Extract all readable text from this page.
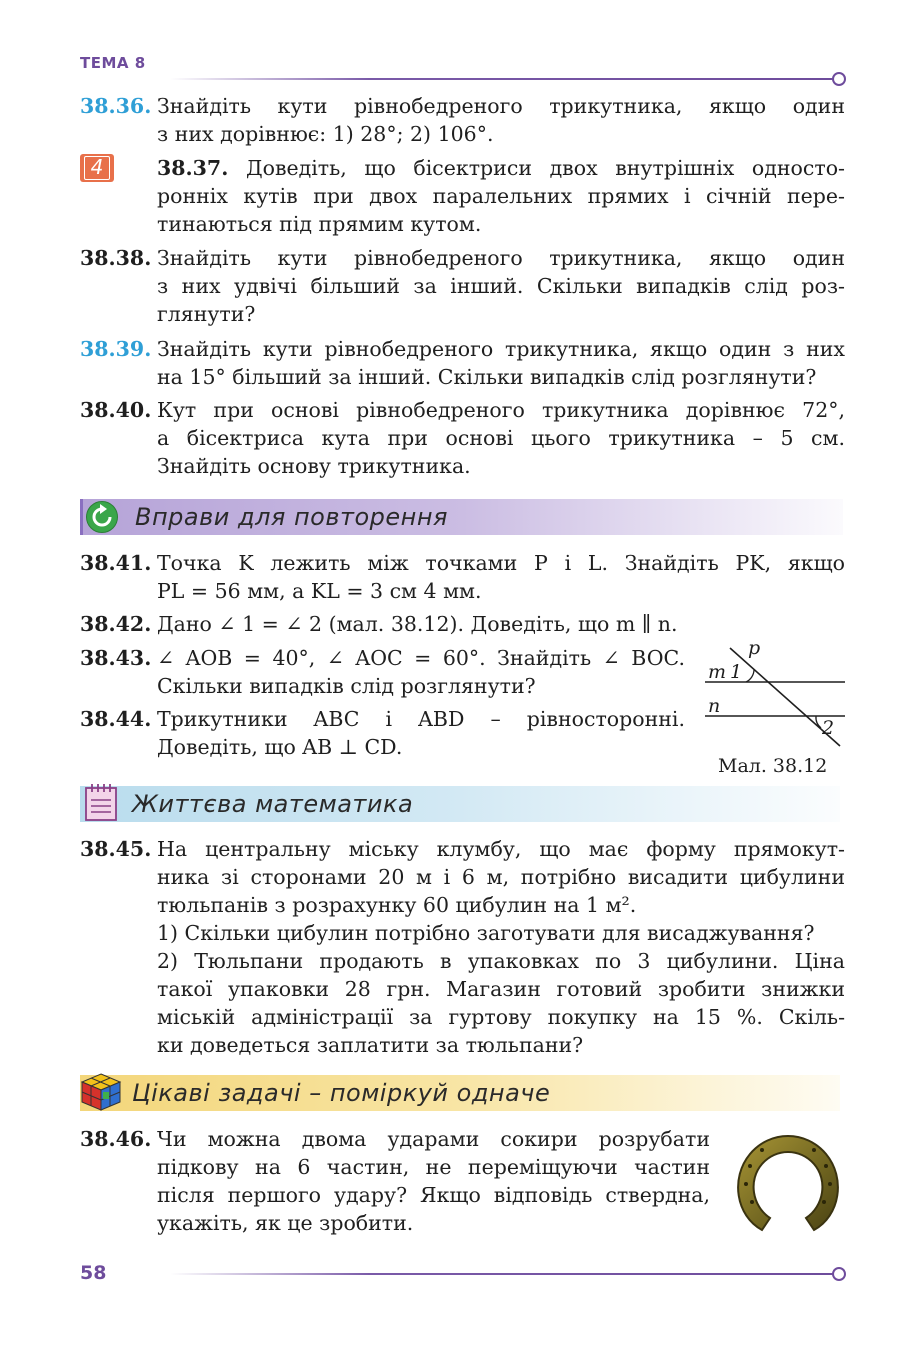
ТЕМА 8
38.36. Знайдіть кути рівнобедреного трикутника, якщо один
з них дорівнює: 1) 28°; 2) 106°.
4	38.37. Доведіть, що бісектриси двох внутрішніх односто-
ронніх кутів при двох паралельних прямих і січній пере-
тинаються під прямим кутом.
38.38. Знайдіть кути рівнобедреного трикутника, якщо один
з них удвічі більший за інший. Скільки випадків слід роз-
глянути?
38.39. Знайдіть кути рівнобедреного трикутника, якщо один з них
на 15° більший за інший. Скільки випадків слід розглянути?
38.40. Кут при основі рівнобедреного трикутника дорівнює 72°,
а бісектриса кута при основі цього трикутника – 5 см.
Знайдіть основу трикутника.
Вправи для повторення
38.41. Точка K лежить між точками P і L. Знайдіть PK, якщо
PL = 56 мм, а KL = 3 см 4 мм.
38.42. Дано ∠ 1 = ∠ 2 (мал. 38.12). Доведіть, що m ∥ n.
38.43. ∠ AOB = 40°, ∠ AOC = 60°. Знайдіть ∠ BOC.
Скільки випадків слід розглянути?
38.44. Трикутники ABC і ABD – рівносторонні.
Доведіть, що AB ⊥ CD.
p
m 1
n
2
Мал. 38.12
Життєва математика
38.45. На центральну міську клумбу, що має форму прямокут-
ника зі сторонами 20 м і 6 м, потрібно висадити цибулини
тюльпанів з розрахунку 60 цибулин на 1 м².
1) Скільки цибулин потрібно заготувати для висаджування?
2) Тюльпани продають в упаковках по 3 цибулини. Ціна
такої упаковки 28 грн. Магазин готовий зробити знижки
міській адміністрації за гуртову покупку на 15 %. Скіль-
ки доведеться заплатити за тюльпани?
Цікаві задачі – поміркуй одначе
38.46. Чи можна двома ударами сокири розрубати
підкову на 6 частин, не переміщуючи частин
після першого удару? Якщо відповідь ствердна,
укажіть, як це зробити.
58
